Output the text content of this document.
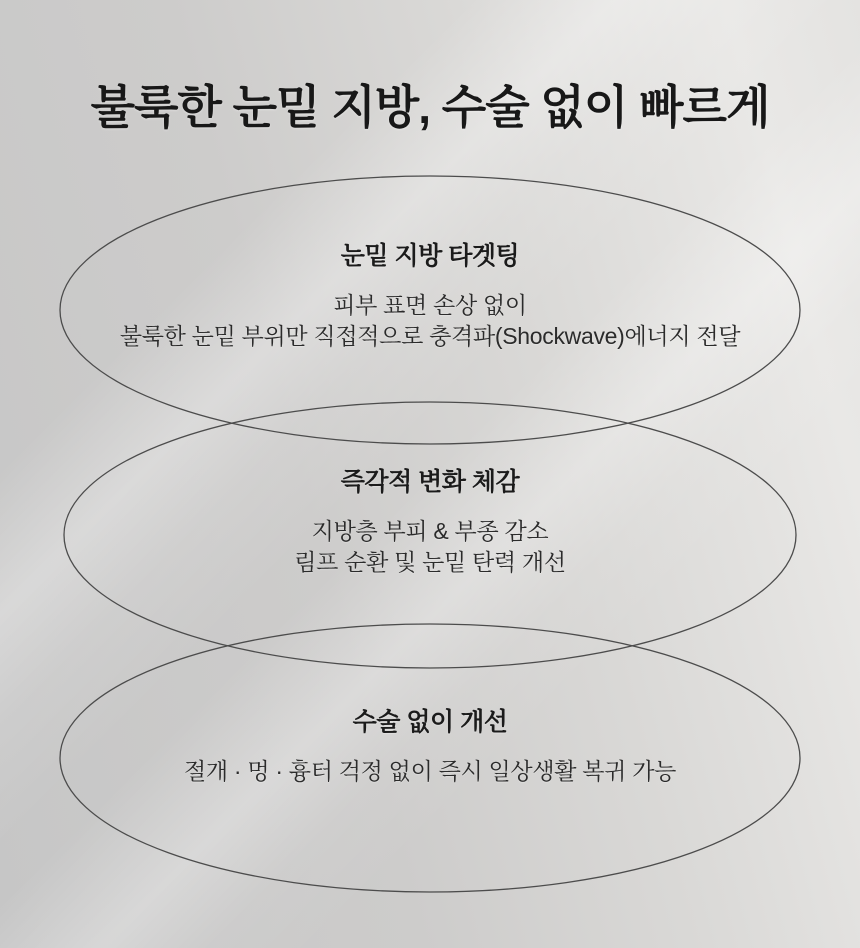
불룩한 눈밑 지방, 수술 없이 빠르게
눈밑 지방 타겟팅

피부 표면 손상 없이
불룩한 눈밑 부위만 직접적으로 충격파(Shockwave)에너지 전달

즉각적 변화 체감

지방층 부피 & 부종 감소
림프 순환 및 눈밑 탄력 개선

수술 없이 개선

절개 · 멍 · 흉터 걱정 없이 즉시 일상생활 복귀 가능
